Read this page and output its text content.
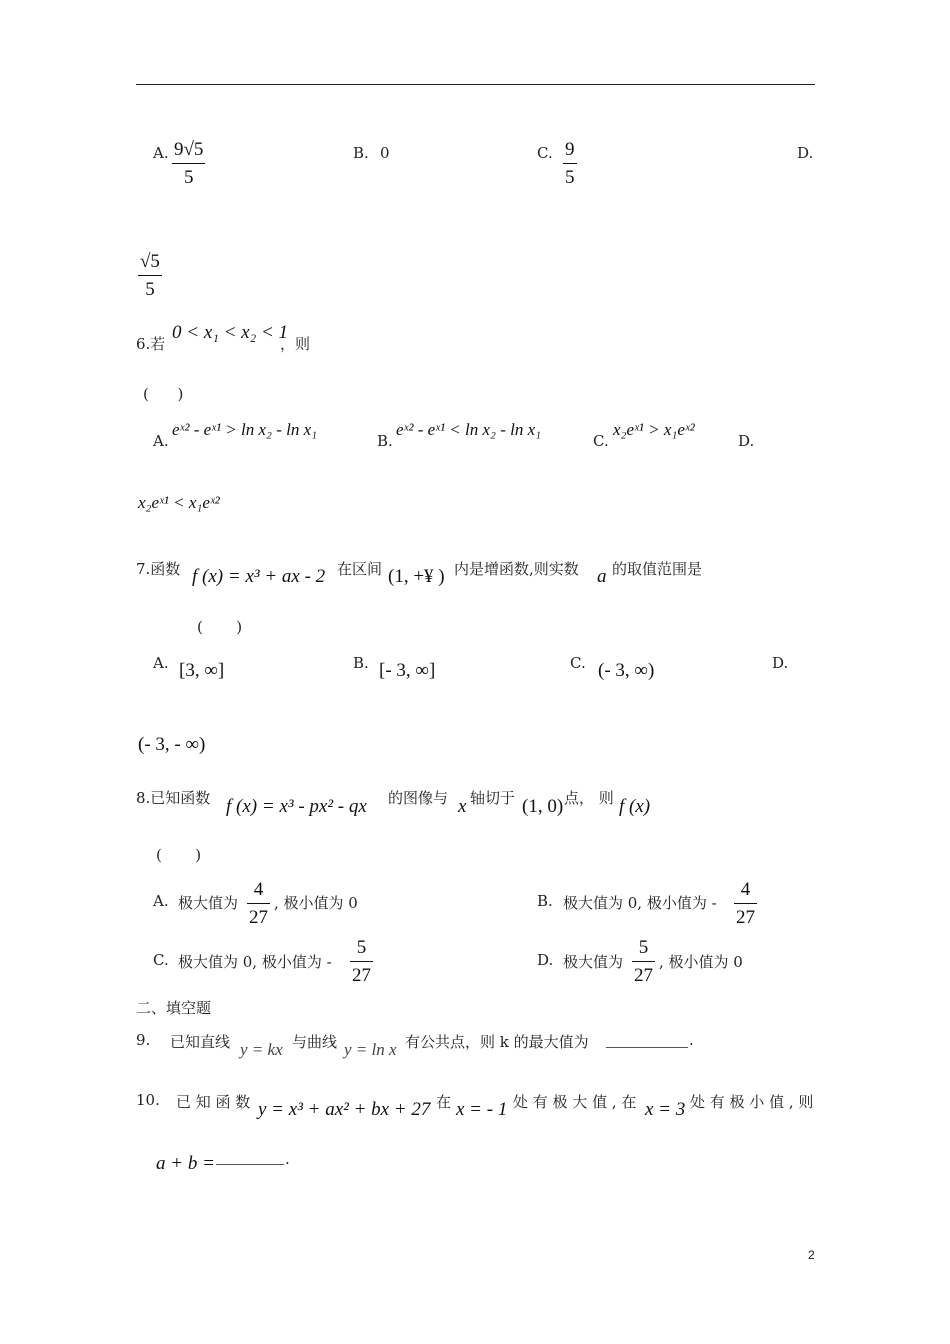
A. 9√5
5
B. 0	C. 9
5
D.
√5
5
6.若
0 < x₁ < x₂ < 1
，则
(      )
A.
eˣ² - eˣ¹ > ln x₂ - ln x₁
B.
eˣ² - eˣ¹ < ln x₂ - ln x₁
C.
x₂eˣ¹ > x₁eˣ²
D.
x₂eˣ¹ < x₁eˣ²
7.函数 f (x) = x³ + ax - 2 在区间 (1, +¥ ) 内是增函数,则实数 a 的取值范围是
(       )
A. [3, ∞]	B. [- 3, ∞]	C. (- 3, ∞)	D.
(- 3, - ∞)
8.已知函数 f (x) = x³ - px² - qx 的图像与 x 轴切于 (1, 0) 点， 则 f (x)
(       )
A. 极大值为
4
27
, 极小值为 0	B. 极大值为 0, 极小值为 -
4
27
C. 极大值为 0, 极小值为 -
5
27
D. 极大值为
5
27
, 极小值为 0
二、填空题
9. 已知直线 y = kx 与曲线 y = ln x 有公共点，则 k 的最大值为	.
10. 已 知 函 数 y = x³ + ax² + bx + 27 在 x = - 1 处 有 极 大 值 , 在 x = 3 处 有 极 小 值 , 则
a + b =	.
2
